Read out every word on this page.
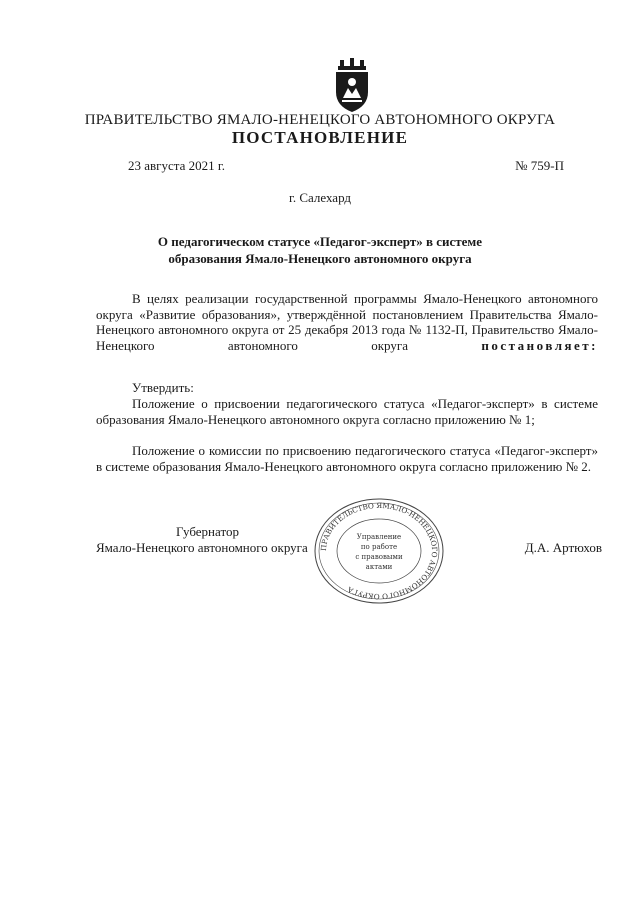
ПРАВИТЕЛЬСТВО ЯМАЛО-НЕНЕЦКОГО АВТОНОМНОГО ОКРУГА
ПОСТАНОВЛЕНИЕ
23 августа 2021 г.	№ 759-П
г. Салехард
О педагогическом статусе «Педагог-эксперт» в системе
образования Ямало-Ненецкого автономного округа

В целях реализации государственной программы Ямало-Ненецкого автономного округа «Развитие образования», утверждённой постановлением Правительства Ямало-Ненецкого автономного округа от 25 декабря 2013 года № 1132-П, Правительство Ямало-Ненецкого автономного округа	постановляет:

Утвердить:

Положение о присвоении педагогического статуса «Педагог-эксперт» в системе образования Ямало-Ненецкого автономного округа согласно приложению № 1;

Положение о комиссии по присвоению педагогического статуса «Педагог-эксперт» в системе образования Ямало-Ненецкого автономного округа согласно приложению № 2.

Губернатор
Ямало-Ненецкого автономного округа	Д.А. Артюхов
ПРАВИТЕЛЬСТВО ЯМАЛО-НЕНЕЦКОГО АВТОНОМНОГО ОКРУГА
Управление
по работе
с правовыми
актами
